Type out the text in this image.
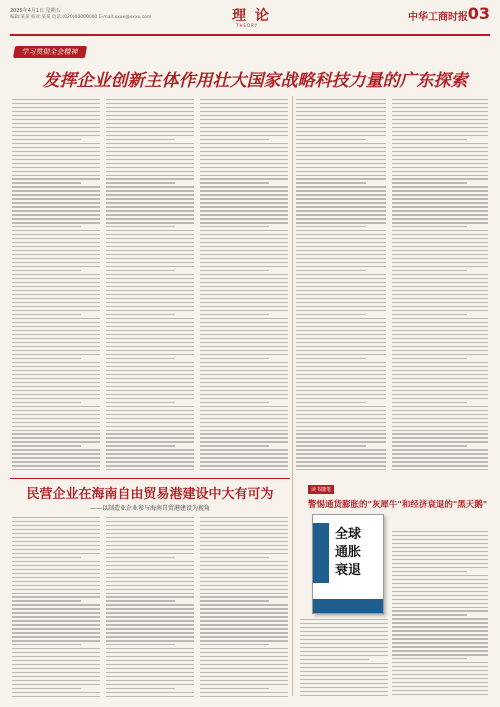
2025年4月1日 星期五
编辑:某某 校对:某某 电话:(020)00000000 E-mail:xxxx@xxxx.com	理 论
THEORY
中华工商时报 03
学习贯彻全会精神
发挥企业创新主体作用壮大国家战略科技力量的广东探索
民营企业在海南自由贸易港建设中大有可为
——以制造业企业参与海南自贸港建设为视角
读书随笔
警惕通货膨胀的"灰犀牛"和经济衰退的"黑天鹅"
全球
通胀
衰退
